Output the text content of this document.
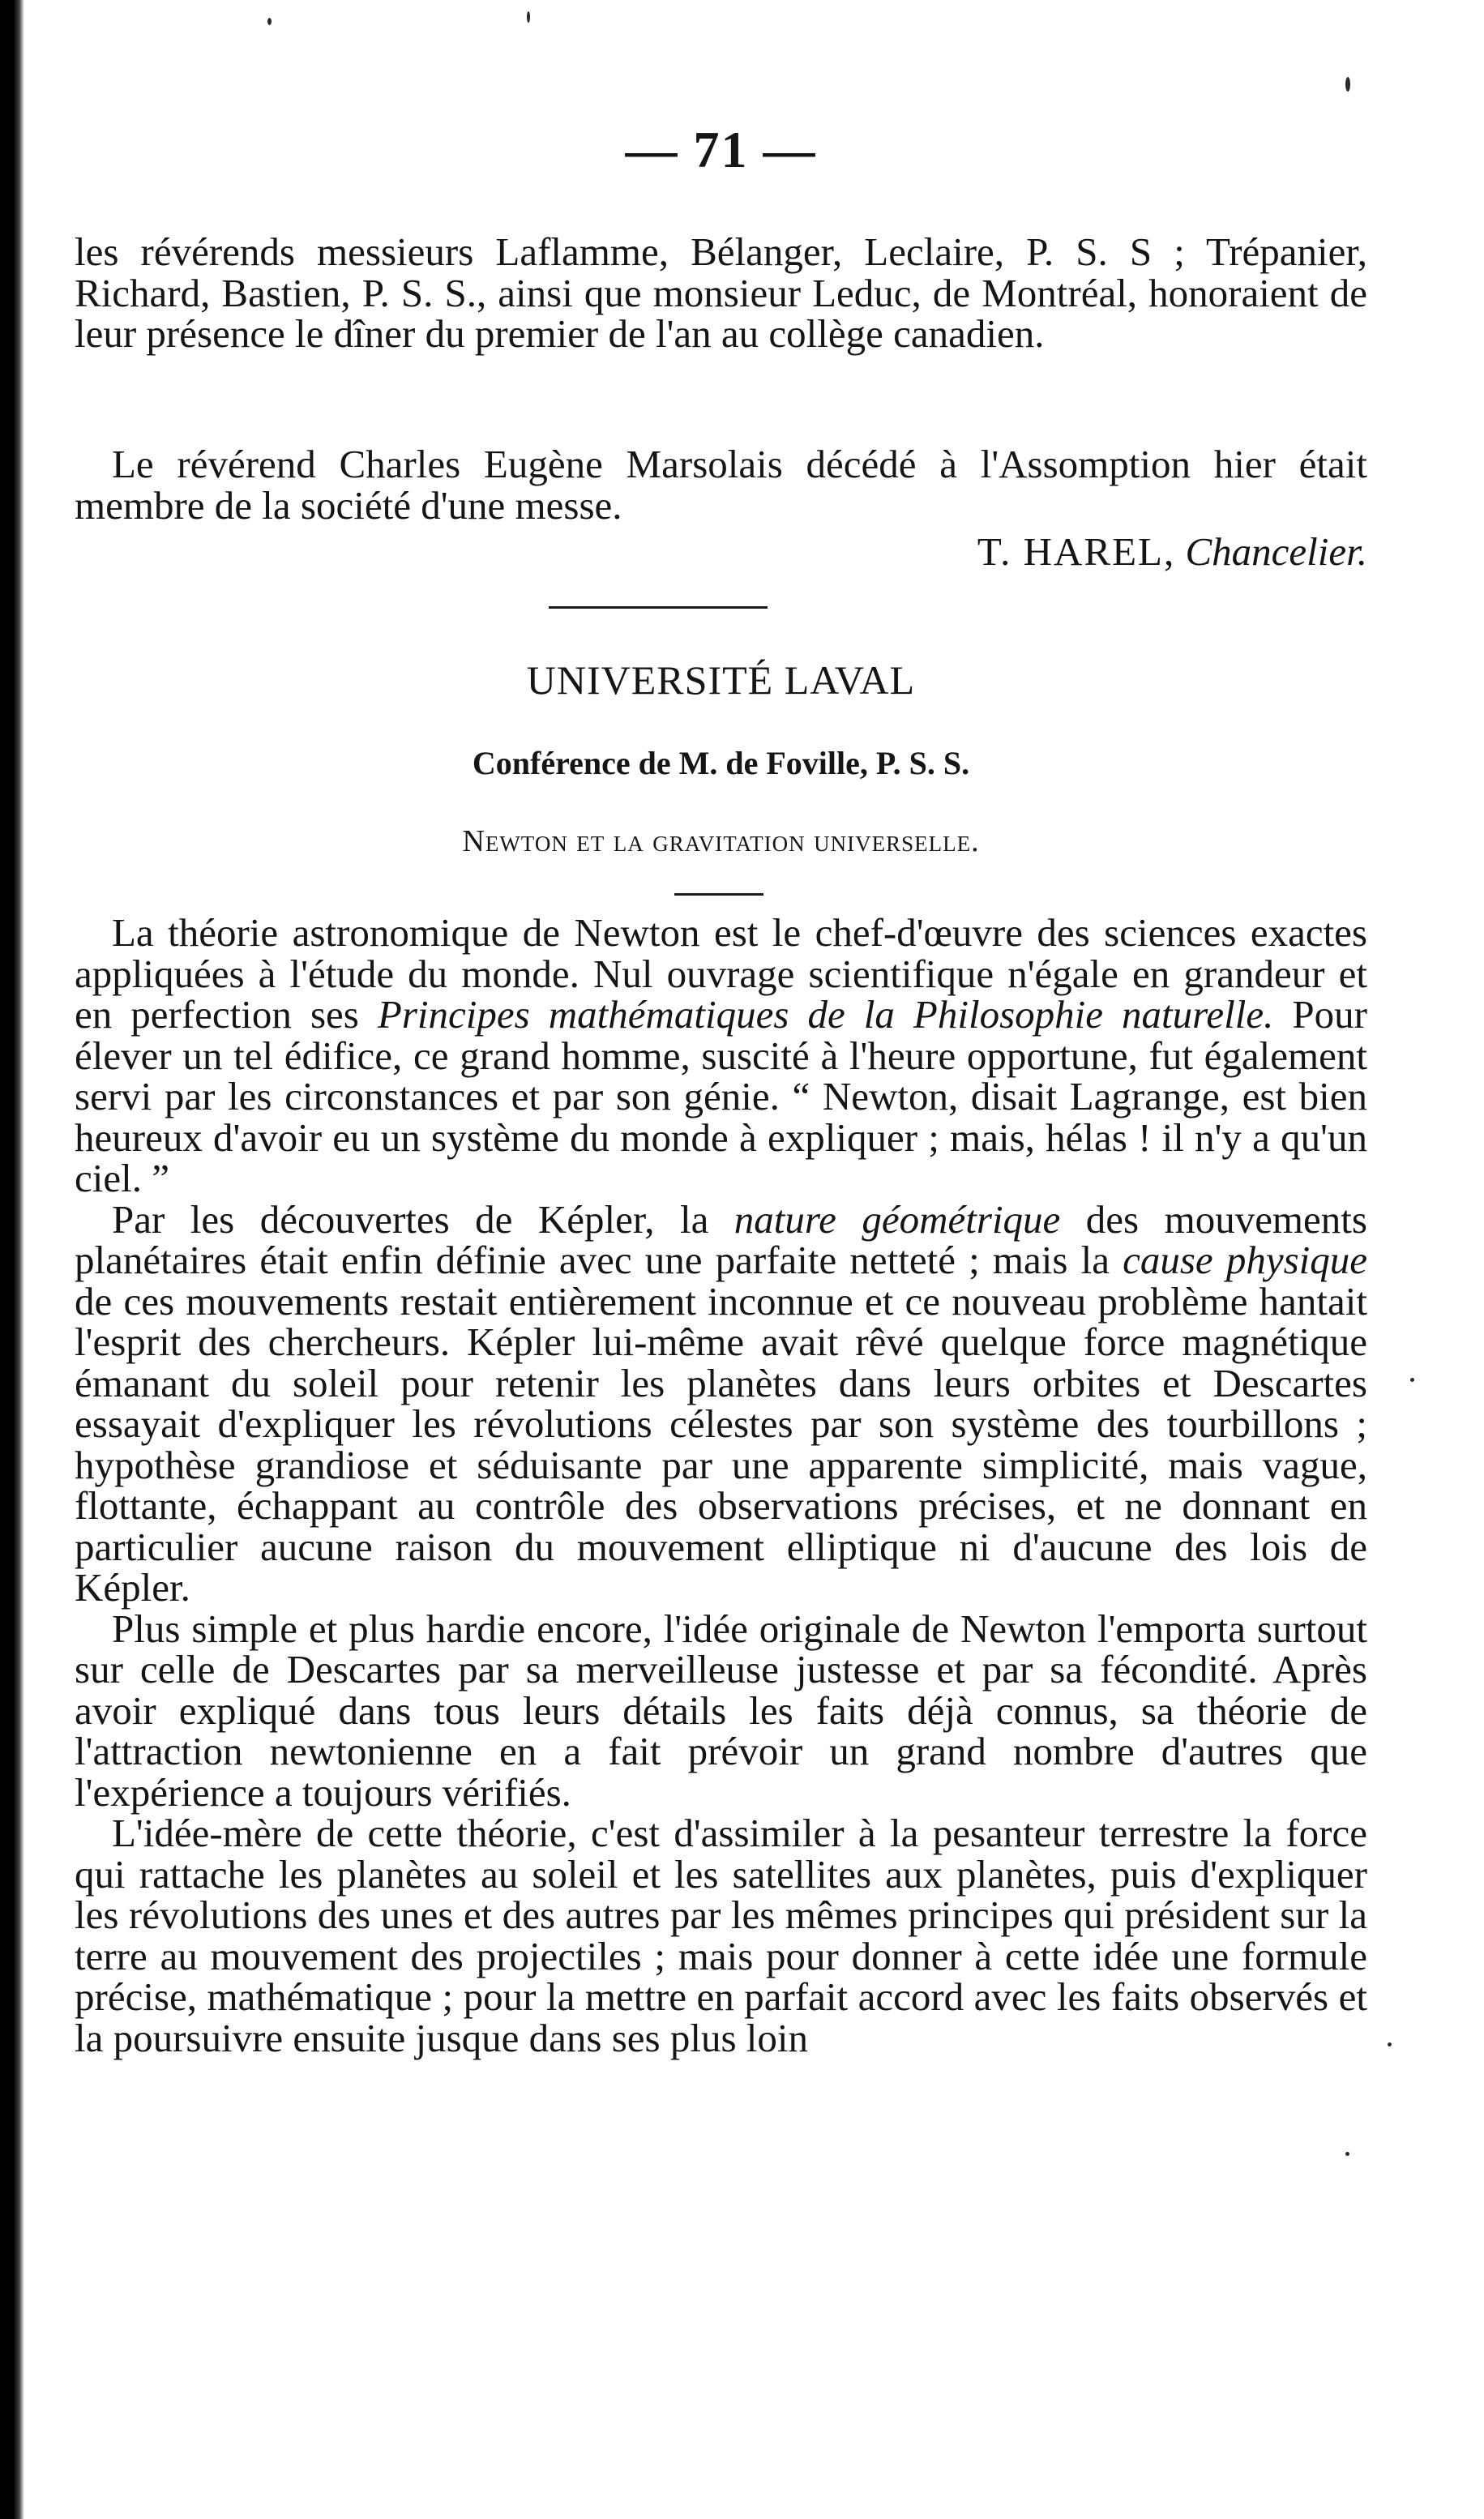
— 71 —

les révérends messieurs Laflamme, Bélanger, Leclaire, P. S. S ; Trépanier, Richard, Bastien, P. S. S., ainsi que monsieur Leduc, de Montréal, honoraient de leur présence le dîner du premier de l'an au collège canadien.

Le révérend Charles Eugène Marsolais décédé à l'Assomption hier était membre de la société d'une messe.

T. HAREL, Chancelier.
UNIVERSITÉ LAVAL
Conférence de M. de Foville, P. S. S.
Newton et la gravitation universelle.

La théorie astronomique de Newton est le chef-d'œuvre des sciences exactes appliquées à l'étude du monde. Nul ouvrage scientifique n'égale en grandeur et en perfection ses Principes mathématiques de la Philosophie naturelle. Pour élever un tel édifice, ce grand homme, suscité à l'heure opportune, fut également servi par les circonstances et par son génie. “ Newton, disait Lagrange, est bien heureux d'avoir eu un système du monde à expliquer ; mais, hélas ! il n'y a qu'un ciel. ”

Par les découvertes de Képler, la nature géométrique des mouvements planétaires était enfin définie avec une parfaite netteté ; mais la cause physique de ces mouvements restait entièrement inconnue et ce nouveau problème hantait l'esprit des chercheurs. Képler lui-même avait rêvé quelque force magnétique émanant du soleil pour retenir les planètes dans leurs orbites et Descartes essayait d'expliquer les révolutions célestes par son système des tourbillons ; hypothèse grandiose et séduisante par une apparente simplicité, mais vague, flottante, échappant au contrôle des observations précises, et ne donnant en particulier aucune raison du mouvement elliptique ni d'aucune des lois de Képler.

Plus simple et plus hardie encore, l'idée originale de Newton l'emporta surtout sur celle de Descartes par sa merveilleuse justesse et par sa fécondité. Après avoir expliqué dans tous leurs détails les faits déjà connus, sa théorie de l'attraction newtonienne en a fait prévoir un grand nombre d'autres que l'expérience a toujours vérifiés.

L'idée-mère de cette théorie, c'est d'assimiler à la pesanteur terrestre la force qui rattache les planètes au soleil et les satellites aux planètes, puis d'expliquer les révolutions des unes et des autres par les mêmes principes qui président sur la terre au mouvement des projectiles ; mais pour donner à cette idée une formule précise, mathématique ; pour la mettre en parfait accord avec les faits observés et la poursuivre ensuite jusque dans ses plus loin
